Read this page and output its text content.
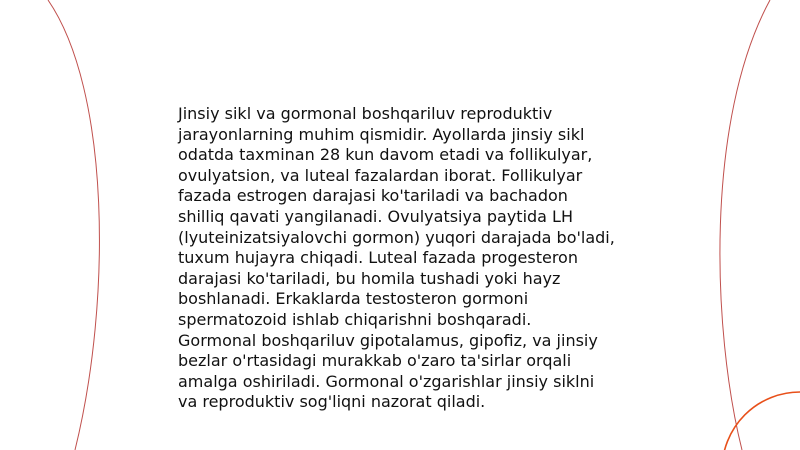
Jinsiy sikl va gormonal boshqariluv reproduktiv
jarayonlarning muhim qismidir. Ayollarda jinsiy sikl
odatda taxminan 28 kun davom etadi va follikulyar,
ovulyatsion, va luteal fazalardan iborat. Follikulyar
fazada estrogen darajasi ko'tariladi va bachadon
shilliq qavati yangilanadi. Ovulyatsiya paytida LH
(lyuteinizatsiyalovchi gormon) yuqori darajada bo'ladi,
tuxum hujayra chiqadi. Luteal fazada progesteron
darajasi ko'tariladi, bu homila tushadi yoki hayz
boshlanadi. Erkaklarda testosteron gormoni
spermatozoid ishlab chiqarishni boshqaradi.
Gormonal boshqariluv gipotalamus, gipofiz, va jinsiy
bezlar o'rtasidagi murakkab o'zaro ta'sirlar orqali
amalga oshiriladi. Gormonal o'zgarishlar jinsiy siklni
va reproduktiv sog'liqni nazorat qiladi.
